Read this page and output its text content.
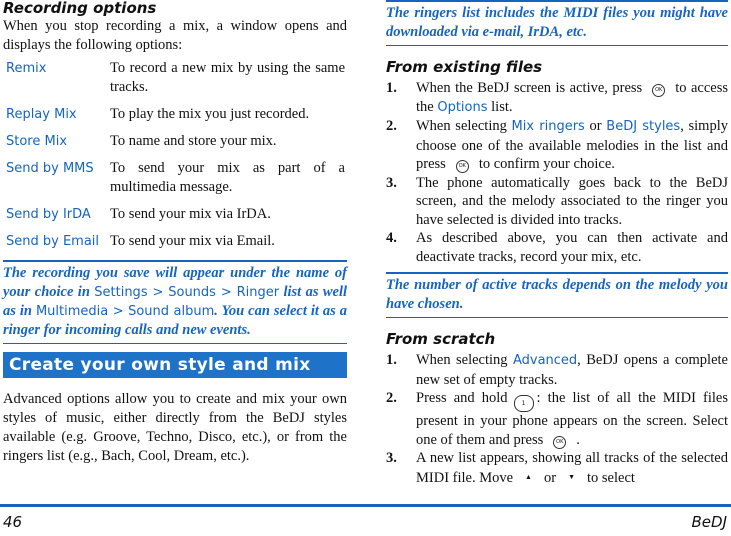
Recording options

When you stop recording a mix, a window opens and displays the following options:

Remix	To record a new mix by using the same tracks.
Replay Mix	To play the mix you just recorded.
Store Mix	To name and store your mix.
Send by MMS	To send your mix as part of a multimedia message.
Send by IrDA	To send your mix via IrDA.
Send by Email	To send your mix via Email.
The recording you save will appear under the name of your choice in Settings > Sounds > Ringer list as well as in Multimedia > Sound album. You can select it as a ringer for incoming calls and new events.
Create your own style and mix

Advanced options allow you to create and mix your own styles of music, either directly from the BeDJ styles available (e.g. Groove, Techno, Disco, etc.), or from the ringers list (e.g., Bach, Cool, Dream, etc.).

The ringers list includes the MIDI files you might have downloaded via e-mail, IrDA, etc.
From existing files
1. When the BeDJ screen is active, press	OK to access the Options list.
2. When selecting Mix ringers or BeDJ styles, simply choose one of the available melodies in the list and press	OK to confirm your choice.
3. The phone automatically goes back to the BeDJ screen, and the melody associated to the ringer you have selected is divided into tracks.
4. As described above, you can then activate and deactivate tracks, record your mix, etc.
The number of active tracks depends on the melody you have chosen.
From scratch
1. When selecting Advanced, BeDJ opens a complete new set of empty tracks.
2. Press and hold 1 : the list of all the MIDI files present in your phone appears on the screen. Select one of them and press	OK .
3. A new list appears, showing all tracks of the selected MIDI file. Move ▲ or ▼ to select
46	BeDJ
